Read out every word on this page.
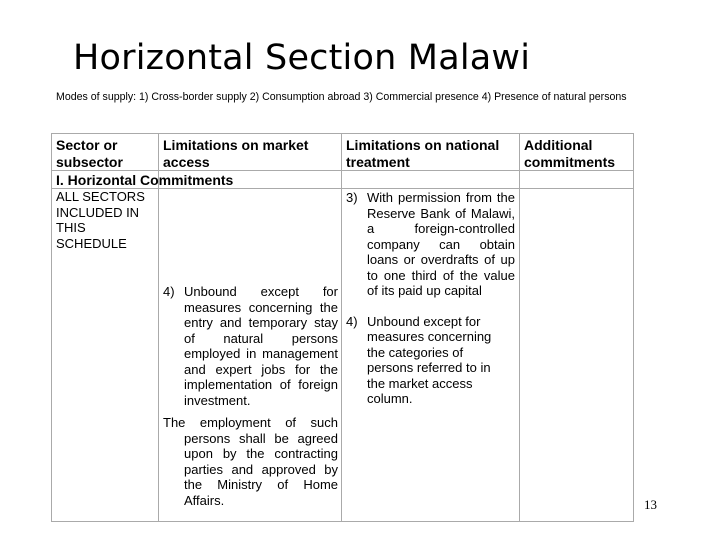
Horizontal Section Malawi
Modes of supply: 1) Cross-border supply 2) Consumption abroad 3) Commercial presence 4) Presence of natural persons
Sector or subsector
Limitations on market access
Limitations on national treatment
Additional commitments
I. Horizontal Commitments
ALL SECTORS INCLUDED IN THIS SCHEDULE
4) Unbound except for measures concerning the entry and temporary stay of natural persons employed in management and expert jobs for the implementation of foreign investment.
The employment of such persons shall be agreed upon by the contracting parties and approved by the Ministry of Home Affairs.
3) With permission from the Reserve Bank of Malawi, a foreign-controlled company can obtain loans or overdrafts of up to one third of the value of its paid up capital
4) Unbound except for measures concerning the categories of persons referred to in the market access column.
13
